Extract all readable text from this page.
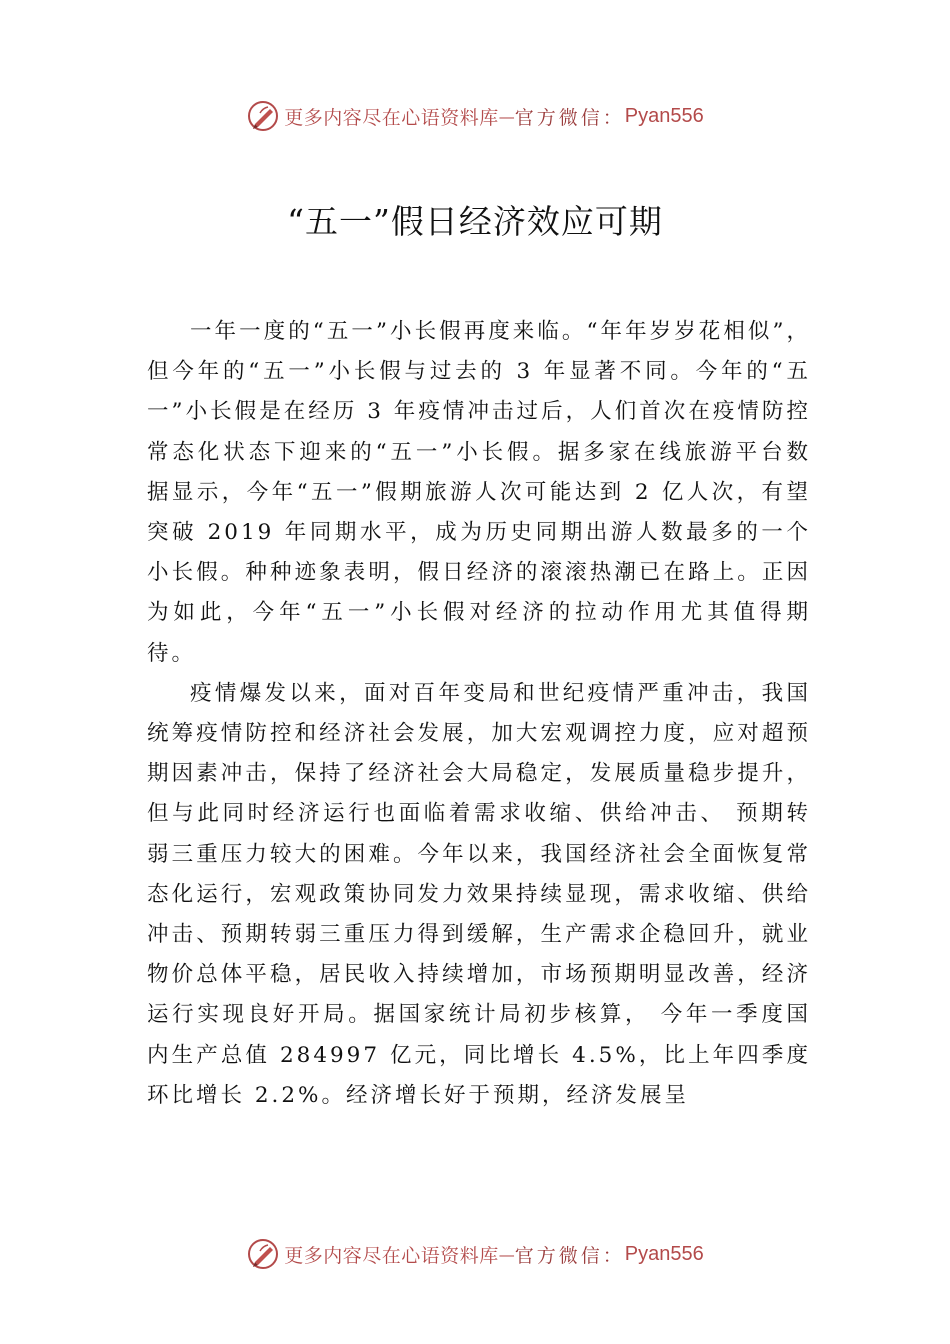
更多内容尽在心语资料库 — 官方微信： Pyan556
“五一”假日经济效应可期

一年一度的“五一”小长假再度来临。“年年岁岁花相似”，但今年的“五一”小长假与过去的 3 年显著不同。今年的“五一”小长假是在经历 3 年疫情冲击过后，人们首次在疫情防控常态化状态下迎来的“五一”小长假。据多家在线旅游平台数据显示，今年“五一”假期旅游人次可能达到 2 亿人次，有望突破 2019 年同期水平，成为历史同期出游人数最多的一个小长假。种种迹象表明，假日经济的滚滚热潮已在路上。正因为如此，今年“五一”小长假对经济的拉动作用尤其值得期待。

疫情爆发以来，面对百年变局和世纪疫情严重冲击，我国统筹疫情防控和经济社会发展，加大宏观调控力度，应对超预期因素冲击，保持了经济社会大局稳定，发展质量稳步提升，但与此同时经济运行也面临着需求收缩、供给冲击、 预期转弱三重压力较大的困难。今年以来，我国经济社会全面恢复常态化运行，宏观政策协同发力效果持续显现，需求收缩、供给冲击、预期转弱三重压力得到缓解，生产需求企稳回升，就业物价总体平稳，居民收入持续增加，市场预期明显改善，经济运行实现良好开局。据国家统计局初步核算， 今年一季度国内生产总值 284997 亿元，同比增长 4.5%，比上年四季度环比增长 2.2%。经济增长好于预期，经济发展呈

更多内容尽在心语资料库 — 官方微信： Pyan556
